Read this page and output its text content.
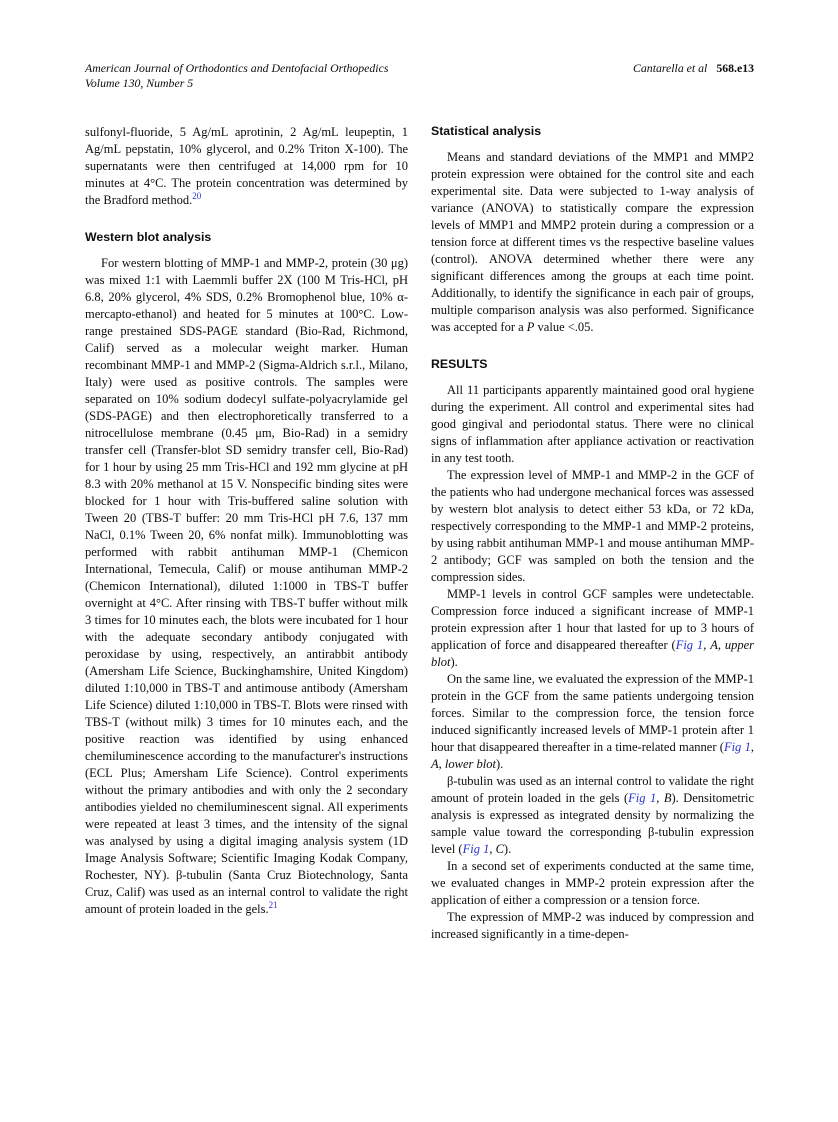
American Journal of Orthodontics and Dentofacial Orthopedics
Volume 130, Number 5
Cantarella et al 568.e13

sulfonyl-fluoride, 5 Ag/mL aprotinin, 2 Ag/mL leupeptin, 1 Ag/mL pepstatin, 10% glycerol, and 0.2% Triton X-100). The supernatants were then centrifuged at 14,000 rpm for 10 minutes at 4°C. The protein concentration was determined by the Bradford method.$^{20}$

Western blot analysis

For western blotting of MMP-1 and MMP-2, protein (30 μg) was mixed 1:1 with Laemmli buffer 2X (100 M Tris-HCl, pH 6.8, 20% glycerol, 4% SDS, 0.2% Bromophenol blue, 10% α-mercapto-ethanol) and heated for 5 minutes at 100°C. Low-range prestained SDS-PAGE standard (Bio-Rad, Richmond, Calif) served as a molecular weight marker. Human recombinant MMP-1 and MMP-2 (Sigma-Aldrich s.r.l., Milano, Italy) were used as positive controls. The samples were separated on 10% sodium dodecyl sulfate-polyacrylamide gel (SDS-PAGE) and then electrophoretically transferred to a nitrocellulose membrane (0.45 μm, Bio-Rad) in a semidry transfer cell (Transfer-blot SD semidry transfer cell, Bio-Rad) for 1 hour by using 25 mm Tris-HCl and 192 mm glycine at pH 8.3 with 20% methanol at 15 V. Nonspecific binding sites were blocked for 1 hour with Tris-buffered saline solution with Tween 20 (TBS-T buffer: 20 mm Tris-HCl pH 7.6, 137 mm NaCl, 0.1% Tween 20, 6% nonfat milk). Immunoblotting was performed with rabbit antihuman MMP-1 (Chemicon International, Temecula, Calif) or mouse antihuman MMP-2 (Chemicon International), diluted 1:1000 in TBS-T buffer overnight at 4°C. After rinsing with TBS-T buffer without milk 3 times for 10 minutes each, the blots were incubated for 1 hour with the adequate secondary antibody conjugated with peroxidase by using, respectively, an antirabbit antibody (Amersham Life Science, Buckinghamshire, United Kingdom) diluted 1:10,000 in TBS-T and antimouse antibody (Amersham Life Science) diluted 1:10,000 in TBS-T. Blots were rinsed with TBS-T (without milk) 3 times for 10 minutes each, and the positive reaction was identified by using enhanced chemiluminescence according to the manufacturer's instructions (ECL Plus; Amersham Life Science). Control experiments without the primary antibodies and with only the 2 secondary antibodies yielded no chemiluminescent signal. All experiments were repeated at least 3 times, and the intensity of the signal was analysed by using a digital imaging analysis system (1D Image Analysis Software; Scientific Imaging Kodak Company, Rochester, NY). β-tubulin (Santa Cruz Biotechnology, Santa Cruz, Calif) was used as an internal control to validate the right amount of protein loaded in the gels.$^{21}$

Statistical analysis

Means and standard deviations of the MMP1 and MMP2 protein expression were obtained for the control site and each experimental site. Data were subjected to 1-way analysis of variance (ANOVA) to statistically compare the expression levels of MMP1 and MMP2 protein during a compression or a tension force at different times vs the respective baseline values (control). ANOVA determined whether there were any significant differences among the groups at each time point. Additionally, to identify the significance in each pair of groups, multiple comparison analysis was also performed. Significance was accepted for a P value <.05.

RESULTS

All 11 participants apparently maintained good oral hygiene during the experiment. All control and experimental sites had good gingival and periodontal status. There were no clinical signs of inflammation after appliance activation or reactivation in any test tooth.

The expression level of MMP-1 and MMP-2 in the GCF of the patients who had undergone mechanical forces was assessed by western blot analysis to detect either 53 kDa, or 72 kDa, respectively corresponding to the MMP-1 and MMP-2 proteins, by using rabbit antihuman MMP-1 and mouse antihuman MMP-2 antibody; GCF was sampled on both the tension and the compression sides.

MMP-1 levels in control GCF samples were undetectable. Compression force induced a significant increase of MMP-1 protein expression after 1 hour that lasted for up to 3 hours of application of force and disappeared thereafter (Fig 1, A, upper blot).

On the same line, we evaluated the expression of the MMP-1 protein in the GCF from the same patients undergoing tension forces. Similar to the compression force, the tension force induced significantly increased levels of MMP-1 protein after 1 hour that disappeared thereafter in a time-related manner (Fig 1, A, lower blot).

β-tubulin was used as an internal control to validate the right amount of protein loaded in the gels (Fig 1, B). Densitometric analysis is expressed as integrated density by normalizing the sample value toward the corresponding β-tubulin expression level (Fig 1, C).

In a second set of experiments conducted at the same time, we evaluated changes in MMP-2 protein expression after the application of either a compression or a tension force.

The expression of MMP-2 was induced by compression and increased significantly in a time-depen-
